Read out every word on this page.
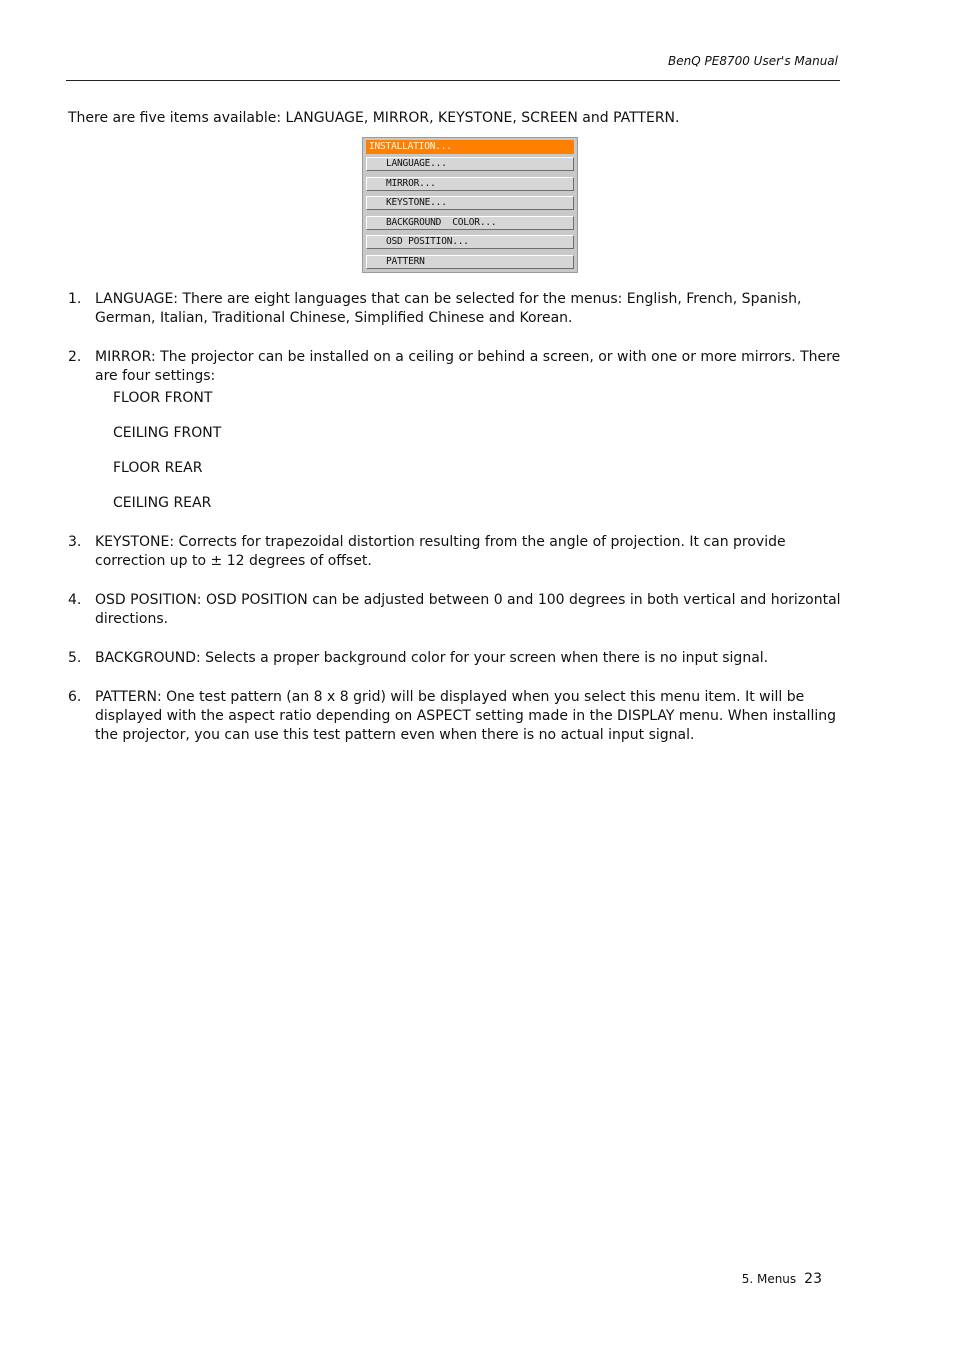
BenQ PE8700 User's Manual
There are five items available: LANGUAGE, MIRROR, KEYSTONE, SCREEN and PATTERN.
INSTALLATION...
LANGUAGE...
MIRROR...
KEYSTONE...
BACKGROUND  COLOR...
OSD POSITION...
PATTERN
1. LANGUAGE: There are eight languages that can be selected for the menus: English, French, Spanish, German, Italian, Traditional Chinese, Simplified Chinese and Korean.
2. MIRROR: The projector can be installed on a ceiling or behind a screen, or with one or more mirrors. There are four settings:
FLOOR FRONT
CEILING FRONT
FLOOR REAR
CEILING REAR
3. KEYSTONE: Corrects for trapezoidal distortion resulting from the angle of projection. It can provide correction up to ± 12 degrees of offset.
4. OSD POSITION: OSD POSITION can be adjusted between 0 and 100 degrees in both vertical and horizontal directions.
5. BACKGROUND: Selects a proper background color for your screen when there is no input signal.
6. PATTERN: One test pattern (an 8 x 8 grid) will be displayed when you select this menu item. It will be displayed with the aspect ratio depending on ASPECT setting made in the DISPLAY menu. When installing the projector, you can use this test pattern even when there is no actual input signal.
5. Menus 23
